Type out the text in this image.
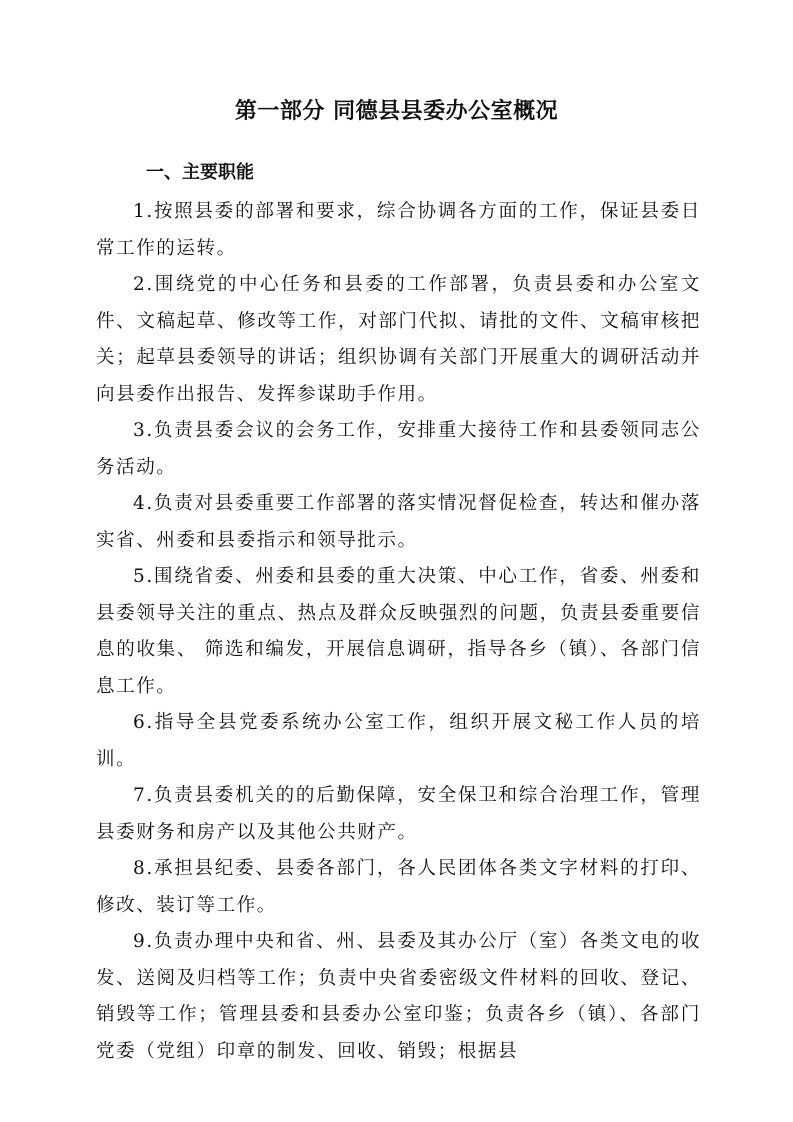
第一部分 同德县县委办公室概况
一、主要职能

1.按照县委的部署和要求，综合协调各方面的工作，保证县委日常工作的运转。

2.围绕党的中心任务和县委的工作部署，负责县委和办公室文件、文稿起草、修改等工作，对部门代拟、请批的文件、文稿审核把关；起草县委领导的讲话；组织协调有关部门开展重大的调研活动并向县委作出报告、发挥参谋助手作用。

3.负责县委会议的会务工作，安排重大接待工作和县委领同志公务活动。

4.负责对县委重要工作部署的落实情况督促检查，转达和催办落实省、州委和县委指示和领导批示。

5.围绕省委、州委和县委的重大决策、中心工作，省委、州委和县委领导关注的重点、热点及群众反映强烈的问题，负责县委重要信息的收集、 筛选和编发，开展信息调研，指导各乡（镇）、各部门信息工作。

6.指导全县党委系统办公室工作，组织开展文秘工作人员的培训。

7.负责县委机关的的后勤保障，安全保卫和综合治理工作，管理县委财务和房产以及其他公共财产。

8.承担县纪委、县委各部门，各人民团体各类文字材料的打印、修改、装订等工作。

9.负责办理中央和省、州、县委及其办公厅（室）各类文电的收发、送阅及归档等工作；负责中央省委密级文件材料的回收、登记、销毁等工作；管理县委和县委办公室印鉴；负责各乡（镇）、各部门党委（党组）印章的制发、回收、销毁；根据县
